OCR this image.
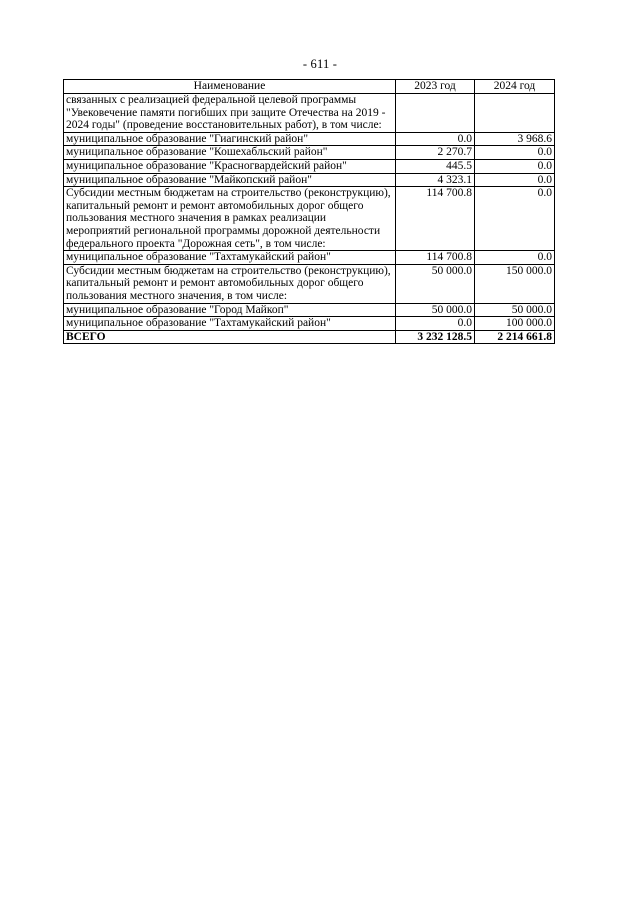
- 611 -
Наименование	2023 год	2024 год
связанных с реализацией федеральной целевой программы "Увековечение памяти погибших при защите Отечества на 2019 - 2024 годы" (проведение восстановительных работ), в том числе:		
муниципальное образование "Гиагинский район"	0.0	3 968.6
муниципальное образование "Кошехабльский район"	2 270.7	0.0
муниципальное образование "Красногвардейский район"	445.5	0.0
муниципальное образование "Майкопский район"	4 323.1	0.0
Субсидии местным бюджетам на строительство (реконструкцию), капитальный ремонт и ремонт автомобильных дорог общего пользования местного значения в рамках реализации мероприятий региональной программы дорожной деятельности федерального проекта "Дорожная сеть", в том числе:	114 700.8	0.0
муниципальное образование "Тахтамукайский район"	114 700.8	0.0
Субсидии местным бюджетам на строительство (реконструкцию), капитальный ремонт и ремонт автомобильных дорог общего пользования местного значения, в том числе:	50 000.0	150 000.0
муниципальное образование "Город Майкоп"	50 000.0	50 000.0
муниципальное образование "Тахтамукайский район"	0.0	100 000.0
ВСЕГО	3 232 128.5	2 214 661.8
